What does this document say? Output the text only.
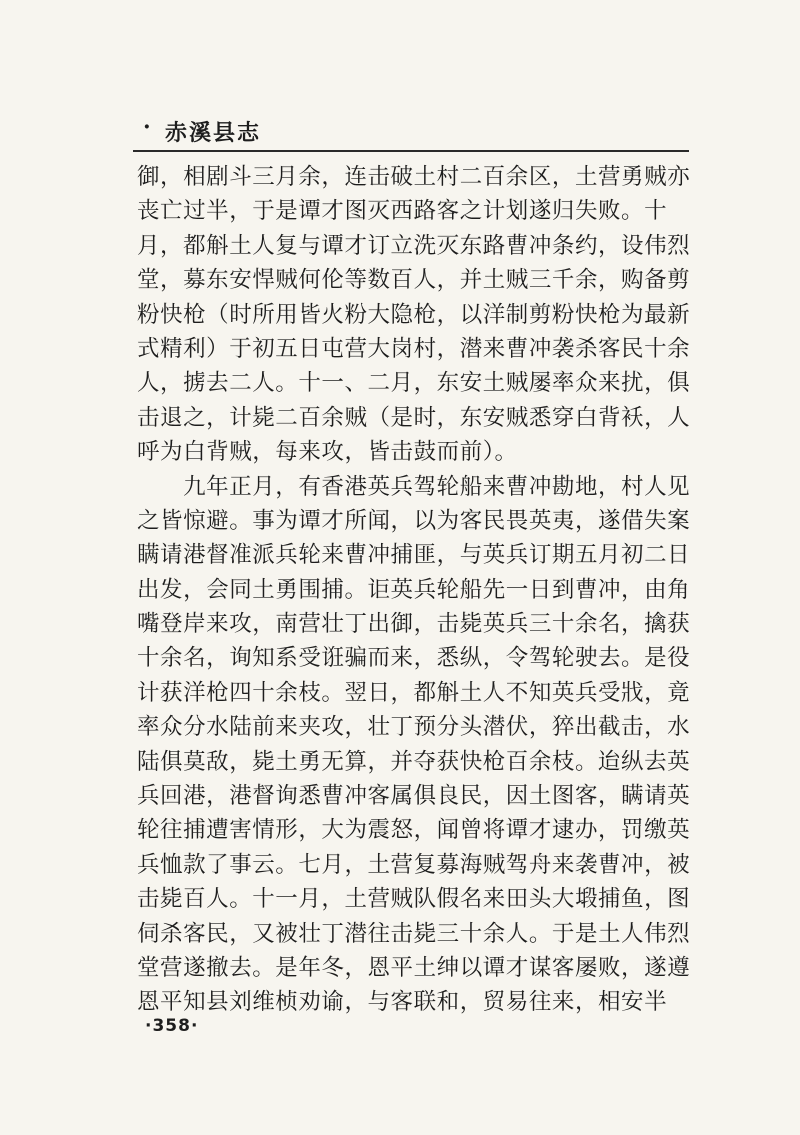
· 赤溪县志
御，相剧斗三月余，连击破土村二百余区，土营勇贼亦
丧亡过半，于是谭才图灭西路客之计划遂归失败。十
月，都斛土人复与谭才订立洗灭东路曹冲条约，设伟烈
堂，募东安悍贼何伦等数百人，并土贼三千余，购备剪
粉快枪（时所用皆火粉大隐枪，以洋制剪粉快枪为最新
式精利）于初五日屯营大岗村，潜来曹冲袭杀客民十余
人，掳去二人。十一、二月，东安土贼屡率众来扰，俱
击退之，计毙二百余贼（是时，东安贼悉穿白背袄，人
呼为白背贼，每来攻，皆击鼓而前）。
　　九年正月，有香港英兵驾轮船来曹冲勘地，村人见
之皆惊避。事为谭才所闻，以为客民畏英夷，遂借失案
瞒请港督准派兵轮来曹冲捕匪，与英兵订期五月初二日
出发，会同土勇围捕。讵英兵轮船先一日到曹冲，由角
嘴登岸来攻，南营壮丁出御，击毙英兵三十余名，擒获
十余名，询知系受诳骗而来，悉纵，令驾轮驶去。是役
计获洋枪四十余枝。翌日，都斛土人不知英兵受戕，竟
率众分水陆前来夹攻，壮丁预分头潜伏，猝出截击，水
陆俱莫敌，毙土勇无算，并夺获快枪百余枝。迨纵去英
兵回港，港督询悉曹冲客属俱良民，因土图客，瞒请英
轮往捕遭害情形，大为震怒，闻曾将谭才逮办，罚缴英
兵恤款了事云。七月，土营复募海贼驾舟来袭曹冲，被
击毙百人。十一月，土营贼队假名来田头大塅捕鱼，图
伺杀客民，又被壮丁潜往击毙三十余人。于是土人伟烈
堂营遂撤去。是年冬，恩平土绅以谭才谋客屡败，遂遵
恩平知县刘维桢劝谕，与客联和，贸易往来，相安半
·358·
